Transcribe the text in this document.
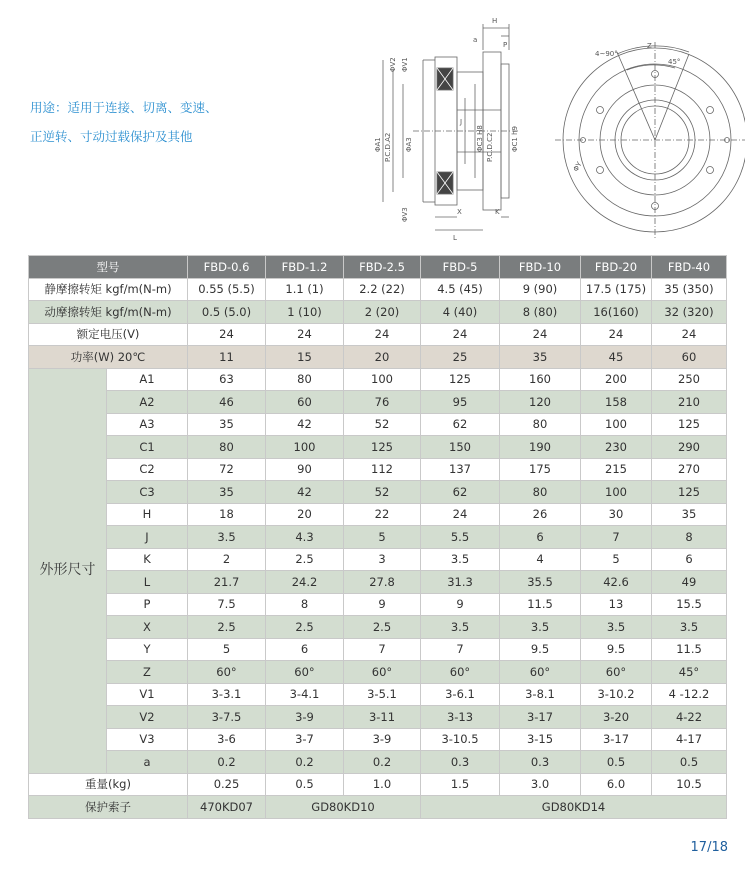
用途：适用于连接、切离、变速、
正逆转、寸动过载保护及其他
H
a
P
J
X	K
L
ΦV2 ΦV1
ΦV3
ΦA1 P.C.D.A2 ΦA3	ΦC3 H8 P.C.D.C2 ΦC1 h9
4~90°
45°
Z
ΦY
型号		FBD-0.6	FBD-1.2	FBD-2.5	FBD-5	FBD-10	FBD-20	FBD-40
静摩擦转矩 kgf/m(N-m)		0.55 (5.5)	1.1 (1)	2.2 (22)	4.5 (45)	9 (90)	17.5 (175)	35 (350)
动摩擦转矩 kgf/m(N-m)		0.5 (5.0)	1 (10)	2 (20)	4 (40)	8 (80)	16(160)	32 (320)
额定电压(V)		24	24	24	24	24	24	24
功率(W) 20℃		11	15	20	25	35	45	60
外形尺寸	A1	63	80	100	125	160	200	250
	A2	46	60	76	95	120	158	210
	A3	35	42	52	62	80	100	125
	C1	80	100	125	150	190	230	290
	C2	72	90	112	137	175	215	270
	C3	35	42	52	62	80	100	125
	H	18	20	22	24	26	30	35
	J	3.5	4.3	5	5.5	6	7	8
	K	2	2.5	3	3.5	4	5	6
	L	21.7	24.2	27.8	31.3	35.5	42.6	49
	P	7.5	8	9	9	11.5	13	15.5
	X	2.5	2.5	2.5	3.5	3.5	3.5	3.5
	Y	5	6	7	7	9.5	9.5	11.5
	Z	60°	60°	60°	60°	60°	60°	45°
	V1	3-3.1	3-4.1	3-5.1	3-6.1	3-8.1	3-10.2	4 -12.2
	V2	3-7.5	3-9	3-11	3-13	3-17	3-20	4-22
	V3	3-6	3-7	3-9	3-10.5	3-15	3-17	4-17
	a	0.2	0.2	0.2	0.3	0.3	0.5	0.5
重量(kg)		0.25	0.5	1.0	1.5	3.0	6.0	10.5
保护索子		470KD07	GD80KD10		GD80KD14			
17/18
